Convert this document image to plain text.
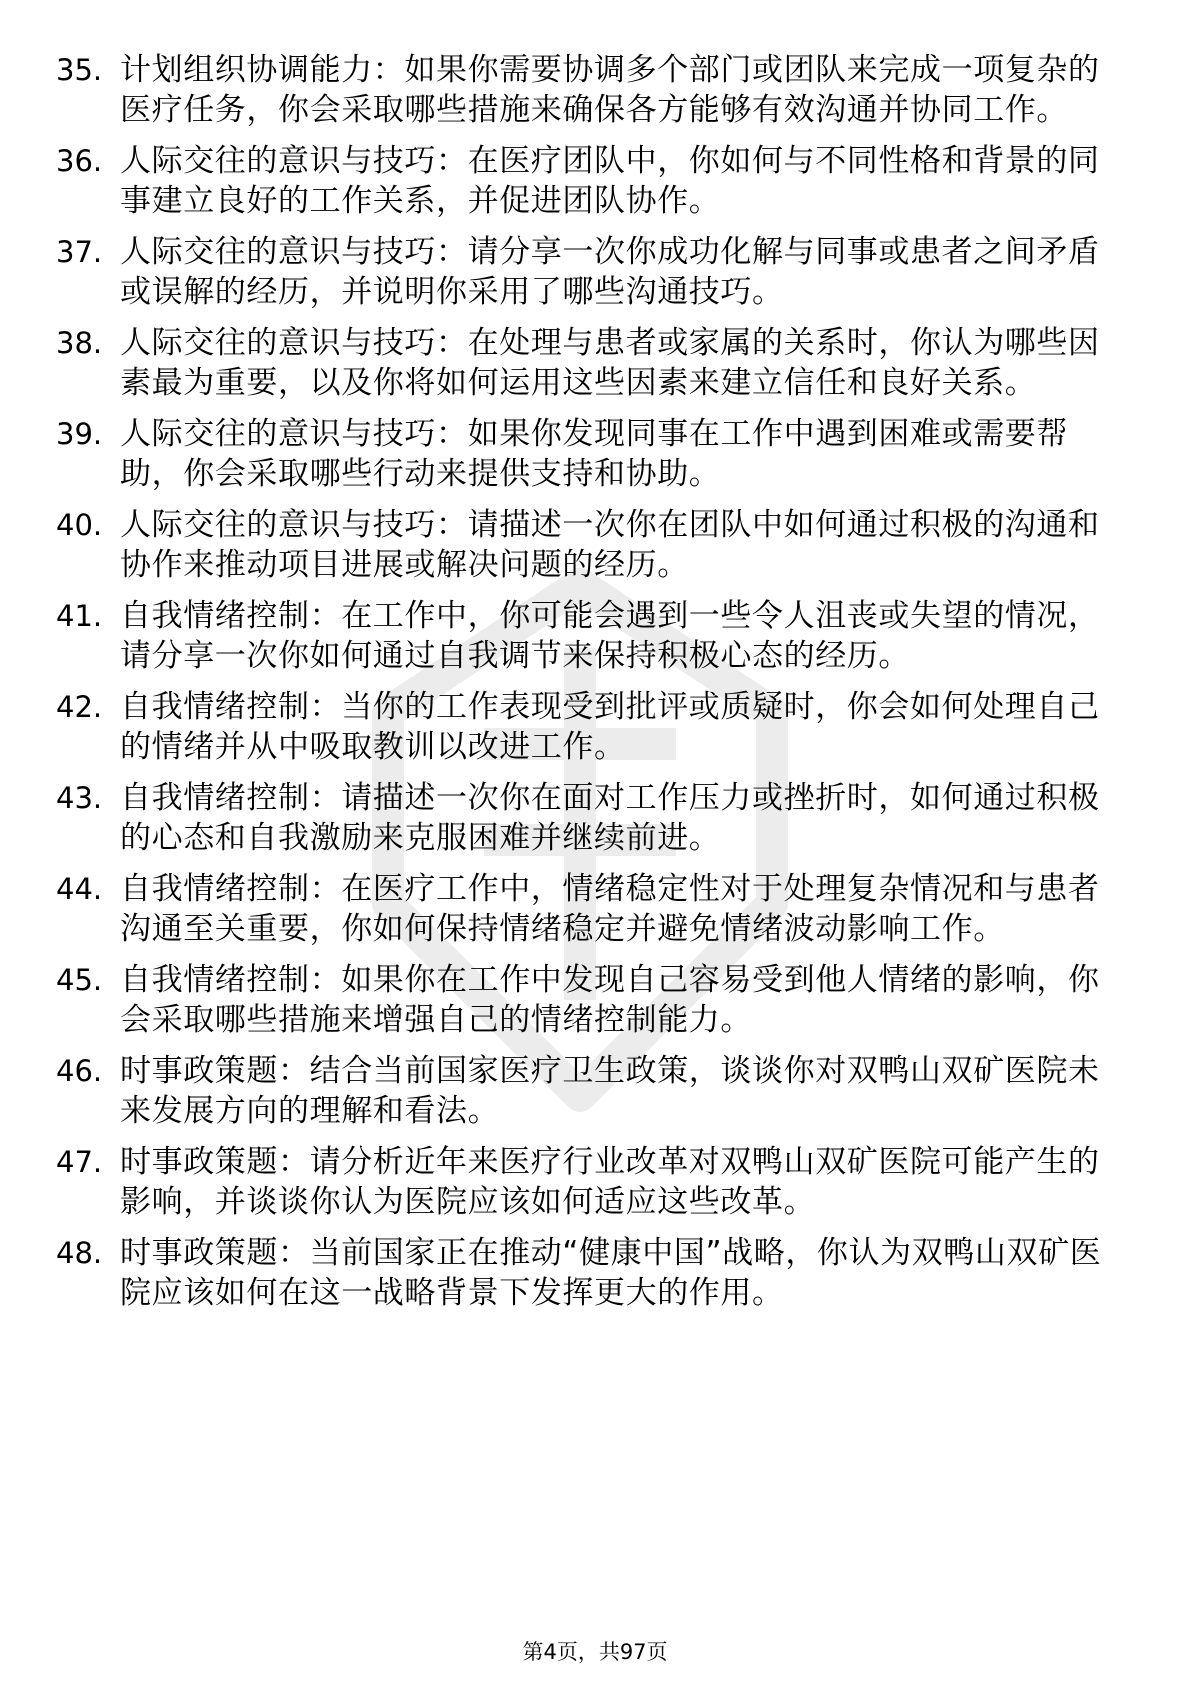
35. 计划组织协调能力：如果你需要协调多个部门或团队来完成一项复杂的医疗任务，你会采取哪些措施来确保各方能够有效沟通并协同工作。
36. 人际交往的意识与技巧：在医疗团队中，你如何与不同性格和背景的同事建立良好的工作关系，并促进团队协作。
37. 人际交往的意识与技巧：请分享一次你成功化解与同事或患者之间矛盾或误解的经历，并说明你采用了哪些沟通技巧。
38. 人际交往的意识与技巧：在处理与患者或家属的关系时，你认为哪些因素最为重要，以及你将如何运用这些因素来建立信任和良好关系。
39. 人际交往的意识与技巧：如果你发现同事在工作中遇到困难或需要帮助，你会采取哪些行动来提供支持和协助。
40. 人际交往的意识与技巧：请描述一次你在团队中如何通过积极的沟通和协作来推动项目进展或解决问题的经历。
41. 自我情绪控制：在工作中，你可能会遇到一些令人沮丧或失望的情况，请分享一次你如何通过自我调节来保持积极心态的经历。
42. 自我情绪控制：当你的工作表现受到批评或质疑时，你会如何处理自己的情绪并从中吸取教训以改进工作。
43. 自我情绪控制：请描述一次你在面对工作压力或挫折时，如何通过积极的心态和自我激励来克服困难并继续前进。
44. 自我情绪控制：在医疗工作中，情绪稳定性对于处理复杂情况和与患者沟通至关重要，你如何保持情绪稳定并避免情绪波动影响工作。
45. 自我情绪控制：如果你在工作中发现自己容易受到他人情绪的影响，你会采取哪些措施来增强自己的情绪控制能力。
46. 时事政策题：结合当前国家医疗卫生政策，谈谈你对双鸭山双矿医院未来发展方向的理解和看法。
47. 时事政策题：请分析近年来医疗行业改革对双鸭山双矿医院可能产生的影响，并谈谈你认为医院应该如何适应这些改革。
48. 时事政策题：当前国家正在推动“健康中国”战略，你认为双鸭山双矿医院应该如何在这一战略背景下发挥更大的作用。
第4页，共97页
